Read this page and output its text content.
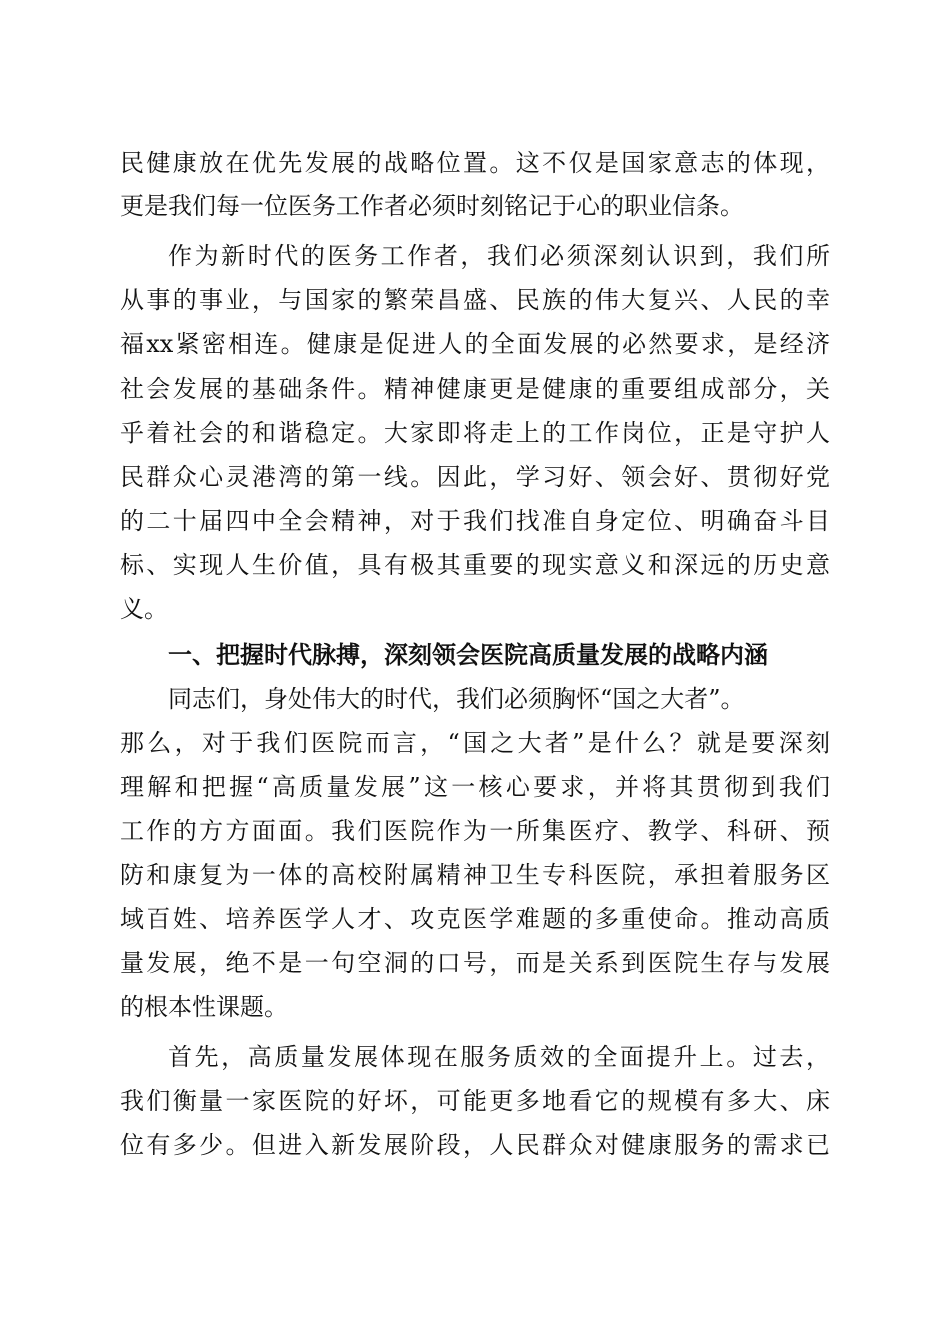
民健康放在优先发展的战略位置。这不仅是国家意志的体现，
更是我们每一位医务工作者必须时刻铭记于心的职业信条。
作为新时代的医务工作者，我们必须深刻认识到，我们所
从事的事业，与国家的繁荣昌盛、民族的伟大复兴、人民的幸
福xx紧密相连。健康是促进人的全面发展的必然要求，是经济
社会发展的基础条件。精神健康更是健康的重要组成部分，关
乎着社会的和谐稳定。大家即将走上的工作岗位，正是守护人
民群众心灵港湾的第一线。因此，学习好、领会好、贯彻好党
的二十届四中全会精神，对于我们找准自身定位、明确奋斗目
标、实现人生价值，具有极其重要的现实意义和深远的历史意
义。
一、把握时代脉搏，深刻领会医院高质量发展的战略内涵
同志们，身处伟大的时代，我们必须胸怀“国之大者”。
那么，对于我们医院而言，“国之大者”是什么？就是要深刻
理解和把握“高质量发展”这一核心要求，并将其贯彻到我们
工作的方方面面。我们医院作为一所集医疗、教学、科研、预
防和康复为一体的高校附属精神卫生专科医院，承担着服务区
域百姓、培养医学人才、攻克医学难题的多重使命。推动高质
量发展，绝不是一句空洞的口号，而是关系到医院生存与发展
的根本性课题。
首先，高质量发展体现在服务质效的全面提升上。过去，
我们衡量一家医院的好坏，可能更多地看它的规模有多大、床
位有多少。但进入新发展阶段，人民群众对健康服务的需求已
